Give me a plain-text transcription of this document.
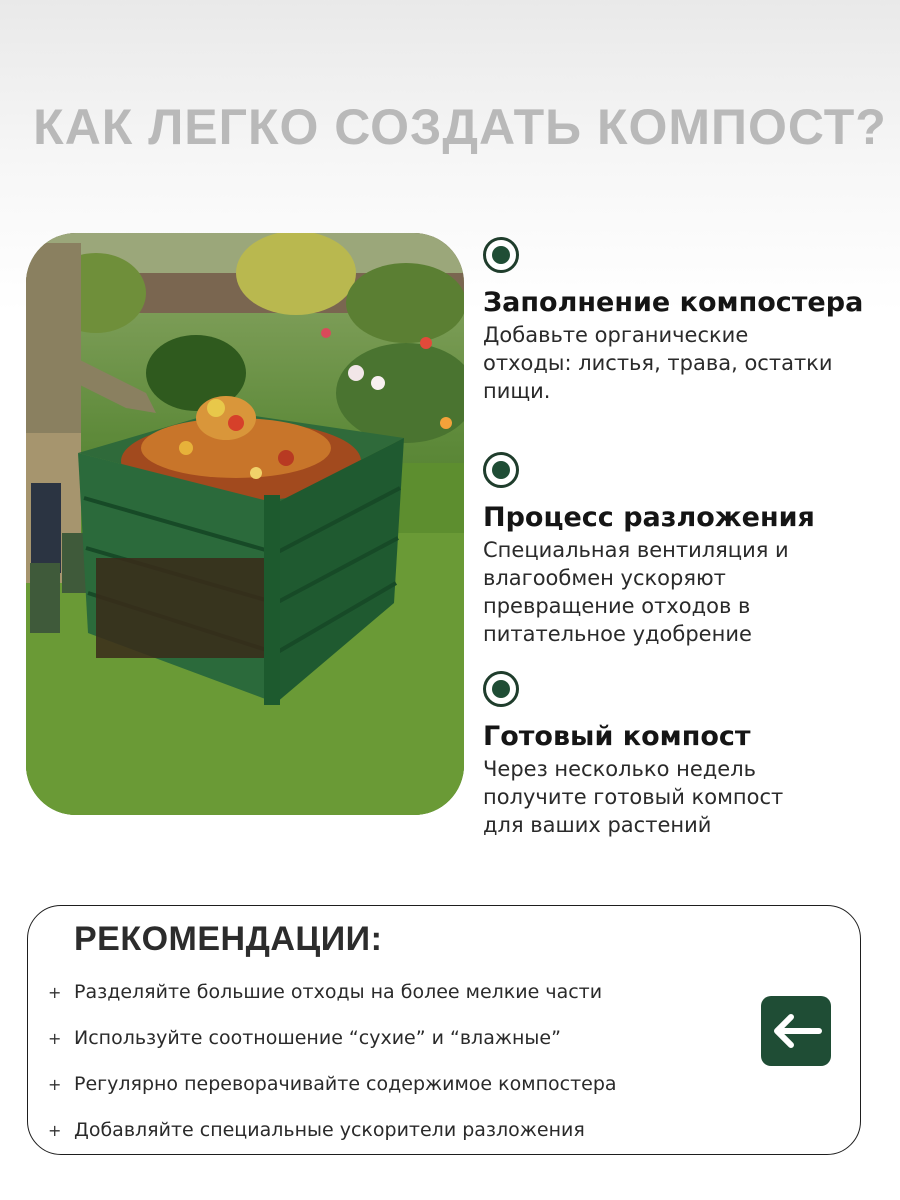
КАК ЛЕГКО СОЗДАТЬ КОМПОСТ?
Заполнение компостера
Добавьте органические
отходы: листья, трава, остатки
пищи.
Процесс разложения
Специальная вентиляция и
влагообмен ускоряют
превращение отходов в
питательное удобрение
Готовый компост
Через несколько недель
получите готовый компост
для ваших растений
РЕКОМЕНДАЦИИ:
+ Разделяйте большие отходы на более мелкие части
+ Используйте соотношение “сухие” и “влажные”
+ Регулярно переворачивайте содержимое компостера
+ Добавляйте специальные ускорители разложения
